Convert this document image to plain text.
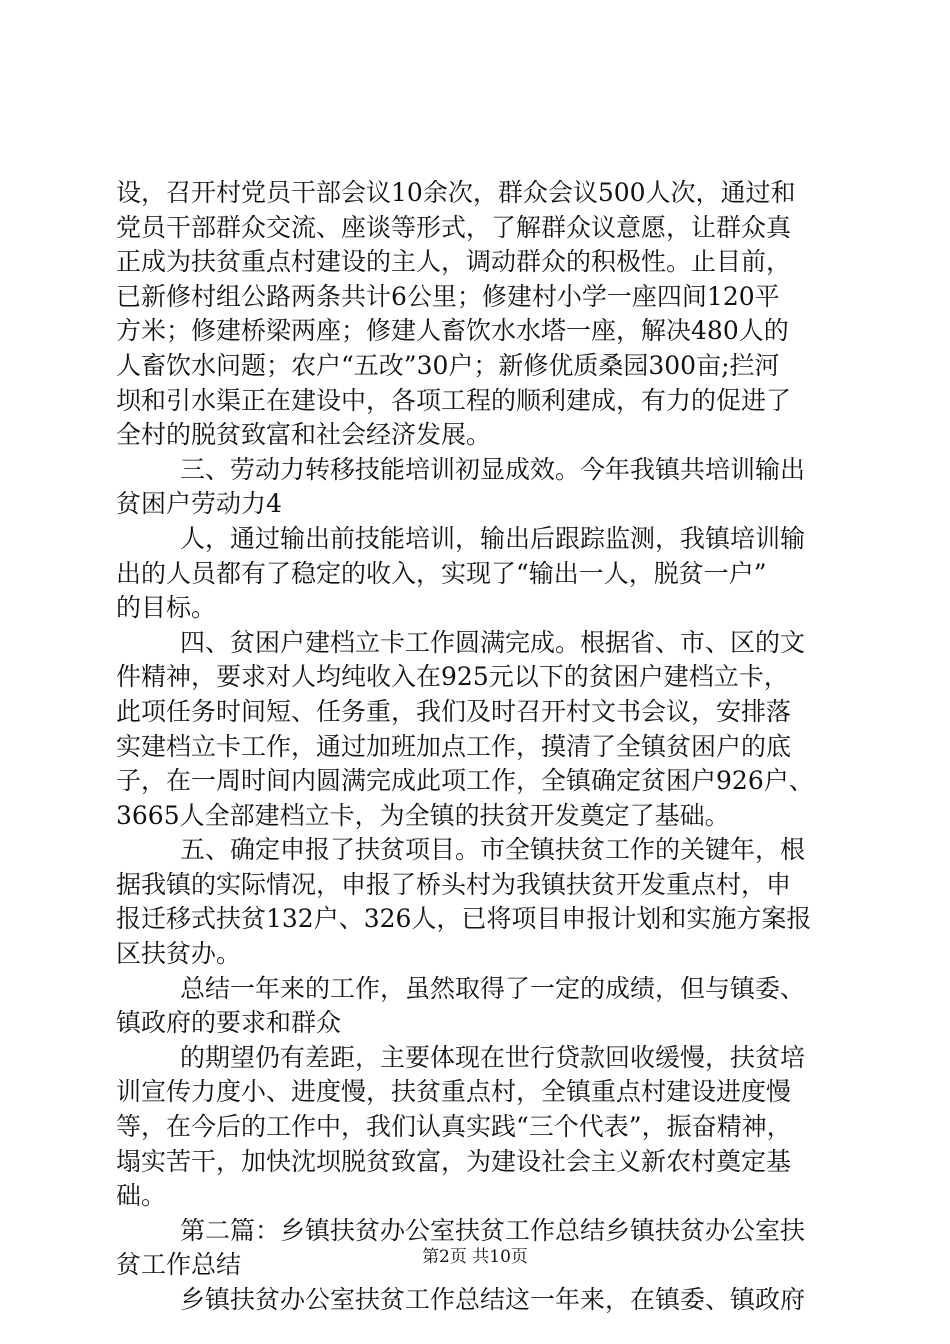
设，召开村党员干部会议10余次，群众会议500人次，通过和
党员干部群众交流、座谈等形式，了解群众议意愿，让群众真
正成为扶贫重点村建设的主人，调动群众的积极性。止目前，
已新修村组公路两条共计6公里；修建村小学一座四间120平
方米；修建桥梁两座；修建人畜饮水水塔一座，解决480人的
人畜饮水问题；农户“五改”30户；新修优质桑园300亩;拦河
坝和引水渠正在建设中，各项工程的顺利建成，有力的促进了
全村的脱贫致富和社会经济发展。
三、劳动力转移技能培训初显成效。今年我镇共培训输出
贫困户劳动力4
人，通过输出前技能培训，输出后跟踪监测，我镇培训输
出的人员都有了稳定的收入，实现了“输出一人，脱贫一户”
的目标。
四、贫困户建档立卡工作圆满完成。根据省、市、区的文
件精神，要求对人均纯收入在925元以下的贫困户建档立卡，
此项任务时间短、任务重，我们及时召开村文书会议，安排落
实建档立卡工作，通过加班加点工作，摸清了全镇贫困户的底
子，在一周时间内圆满完成此项工作，全镇确定贫困户926户、
3665人全部建档立卡，为全镇的扶贫开发奠定了基础。
五、确定申报了扶贫项目。市全镇扶贫工作的关键年，根
据我镇的实际情况，申报了桥头村为我镇扶贫开发重点村，申
报迁移式扶贫132户、326人，已将项目申报计划和实施方案报
区扶贫办。
总结一年来的工作，虽然取得了一定的成绩，但与镇委、
镇政府的要求和群众
的期望仍有差距，主要体现在世行贷款回收缓慢，扶贫培
训宣传力度小、进度慢，扶贫重点村，全镇重点村建设进度慢
等，在今后的工作中，我们认真实践“三个代表”，振奋精神，
塌实苦干，加快沈坝脱贫致富，为建设社会主义新农村奠定基
础。
第二篇：乡镇扶贫办公室扶贫工作总结乡镇扶贫办公室扶
贫工作总结
乡镇扶贫办公室扶贫工作总结这一年来，在镇委、镇政府
第2页 共10页
